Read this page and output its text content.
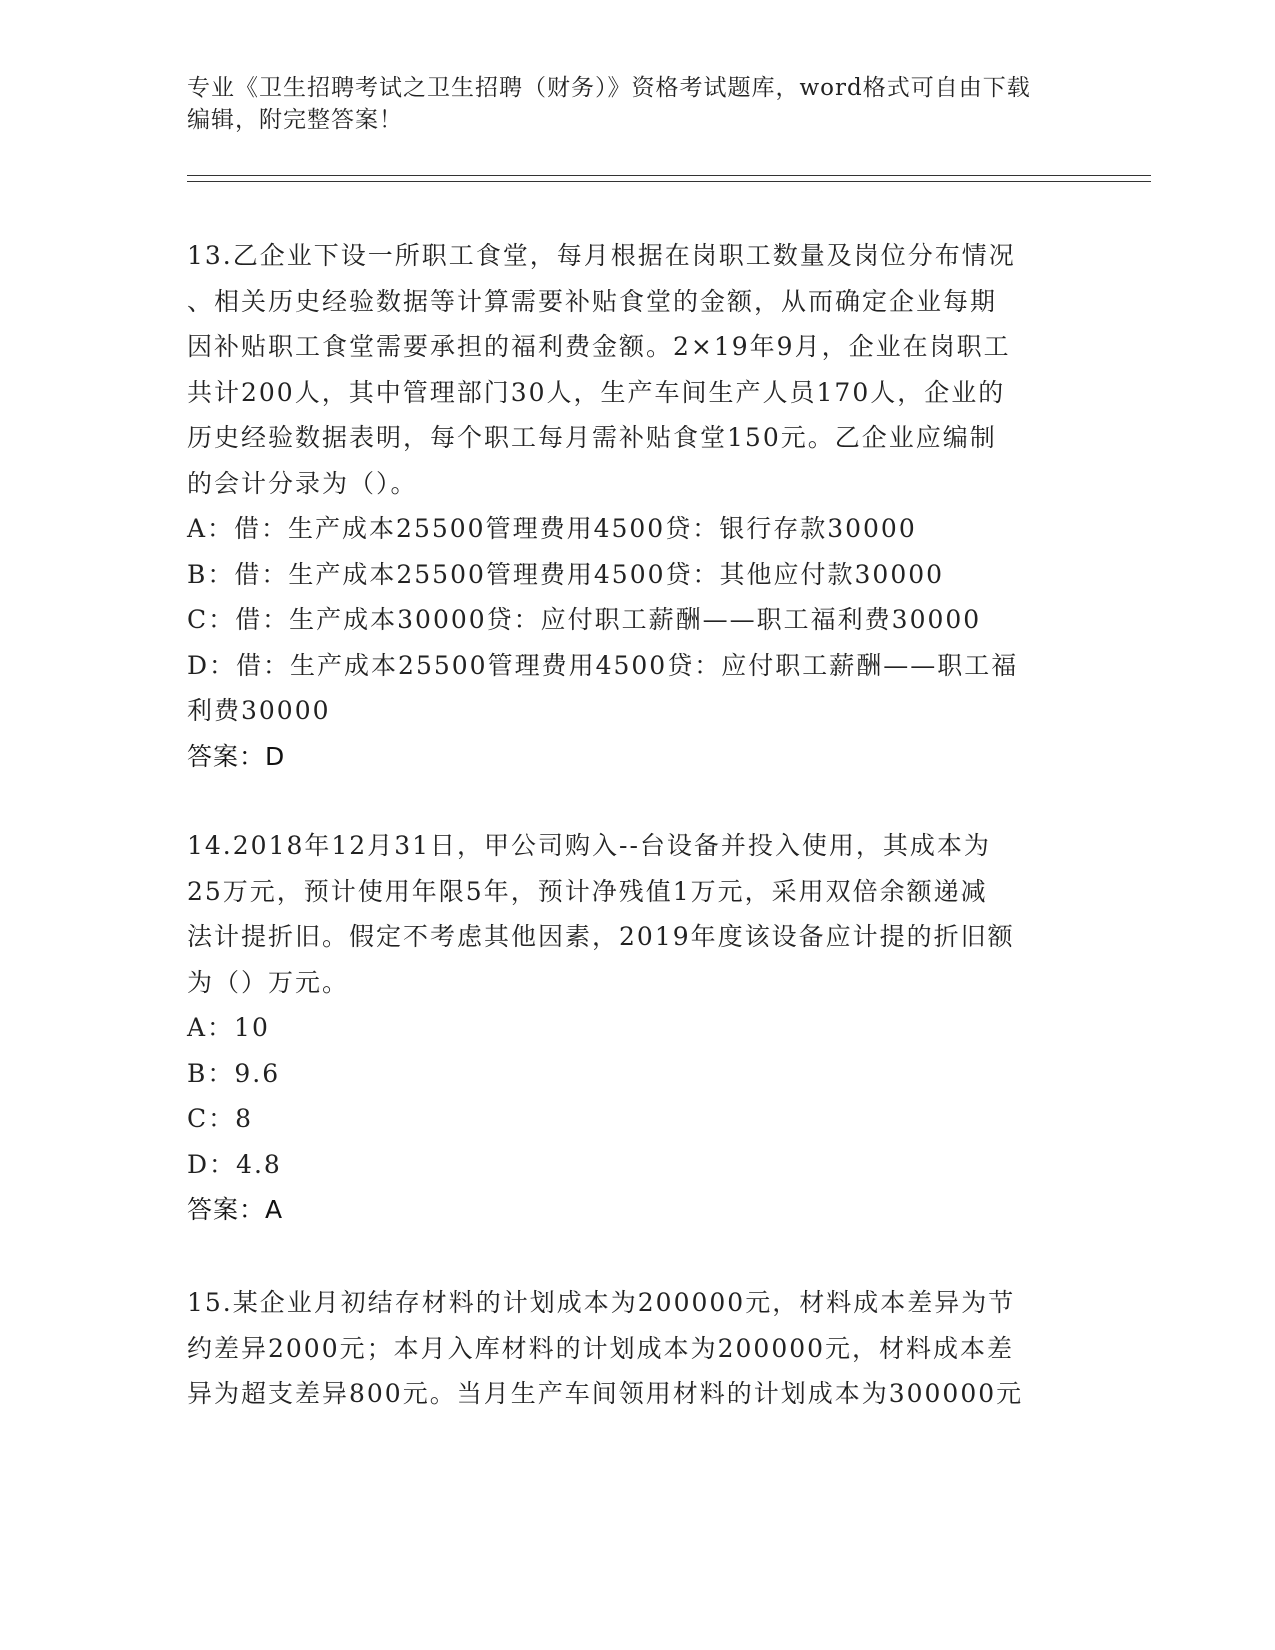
专业《卫生招聘考试之卫生招聘（财务）》资格考试题库，word格式可自由下载
编辑，附完整答案！
13.乙企业下设一所职工食堂，每月根据在岗职工数量及岗位分布情况
、相关历史经验数据等计算需要补贴食堂的金额，从而确定企业每期
因补贴职工食堂需要承担的福利费金额。2×19年9月，企业在岗职工
共计200人，其中管理部门30人，生产车间生产人员170人，企业的
历史经验数据表明，每个职工每月需补贴食堂150元。乙企业应编制
的会计分录为（）。
A：借：生产成本25500管理费用4500贷：银行存款30000
B：借：生产成本25500管理费用4500贷：其他应付款30000
C：借：生产成本30000贷：应付职工薪酬——职工福利费30000
D：借：生产成本25500管理费用4500贷：应付职工薪酬——职工福
利费30000
答案：D
14.2018年12月31日，甲公司购入--台设备并投入使用，其成本为
25万元，预计使用年限5年，预计净残值1万元，采用双倍余额递减
法计提折旧。假定不考虑其他因素，2019年度该设备应计提的折旧额
为（）万元。
A：10
B：9.6
C：8
D：4.8
答案：A
15.某企业月初结存材料的计划成本为200000元，材料成本差异为节
约差异2000元；本月入库材料的计划成本为200000元，材料成本差
异为超支差异800元。当月生产车间领用材料的计划成本为300000元
